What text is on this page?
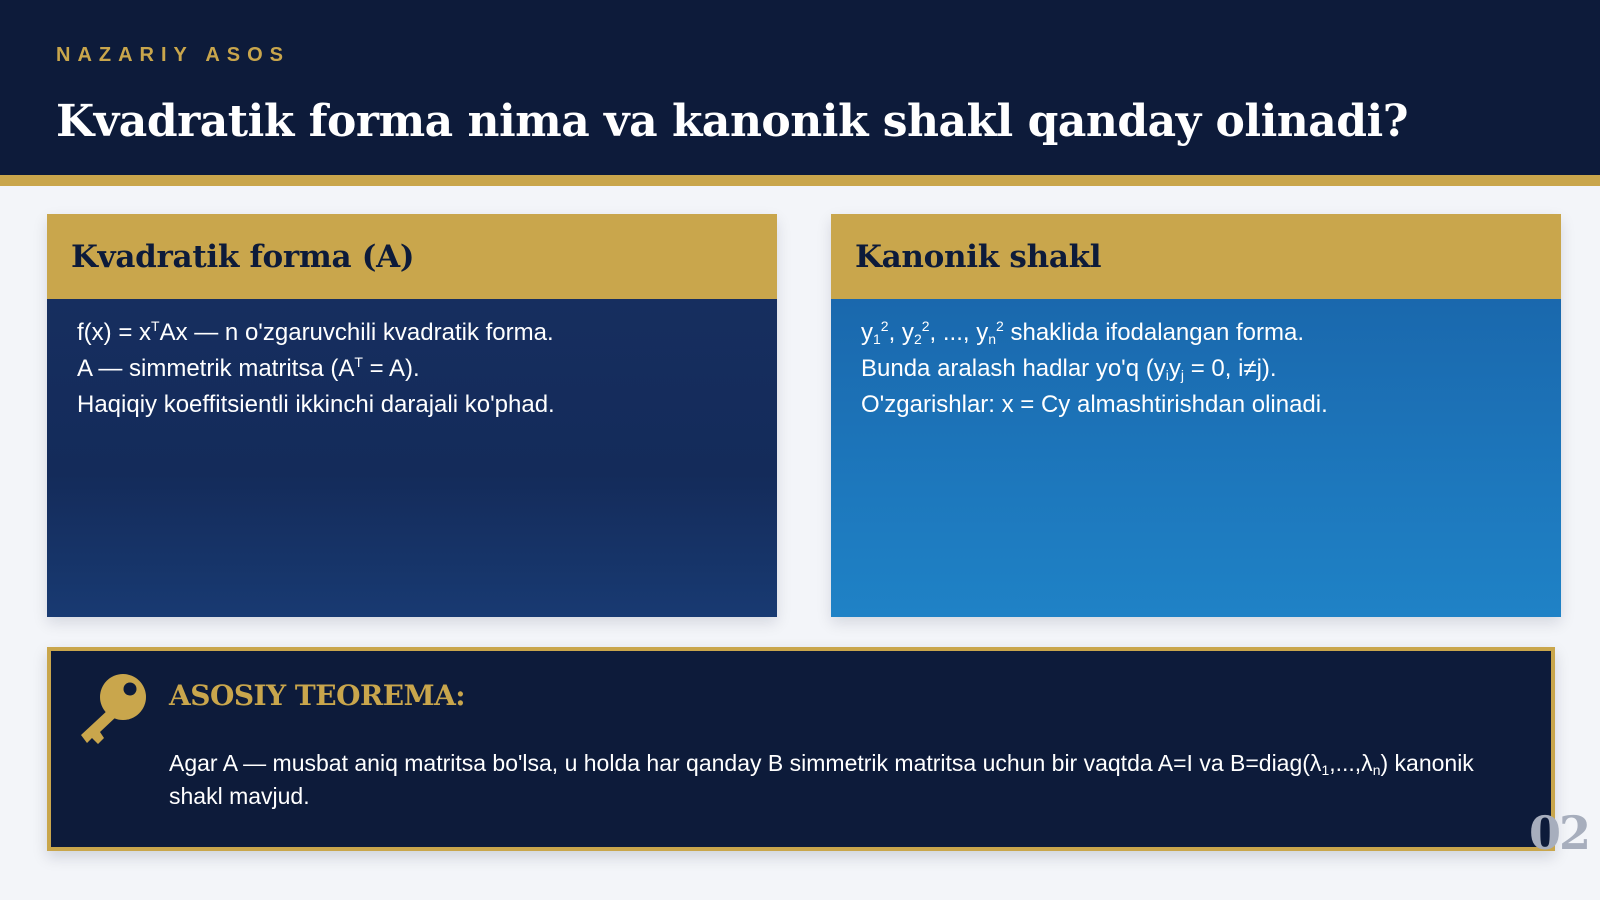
NAZARIY ASOS
Kvadratik forma nima va kanonik shakl qanday olinadi?
Kvadratik forma (A)
$f(x) = x^TAx$ — n o'zgaruvchili kvadratik forma.
A — simmetrik matritsa $(A^T = A)$.
Haqiqiy koeffitsientli ikkinchi darajali ko'phad.
Kanonik shakl
$y_1^2$, $y_2^2$, ..., $y_n^2$ shaklida ifodalangan forma.
Bunda aralash hadlar yo'q ($y_iy_j = 0$, i≠j).
O'zgarishlar: x = Cy almashtirishdan olinadi.
ASOSIY TEOREMA:
Agar A — musbat aniq matritsa bo'lsa, u holda har qanday B simmetrik matritsa uchun bir vaqtda A=I va $B=diag(\lambda_1,...,\lambda_n)$ kanonik shakl mavjud.
02
